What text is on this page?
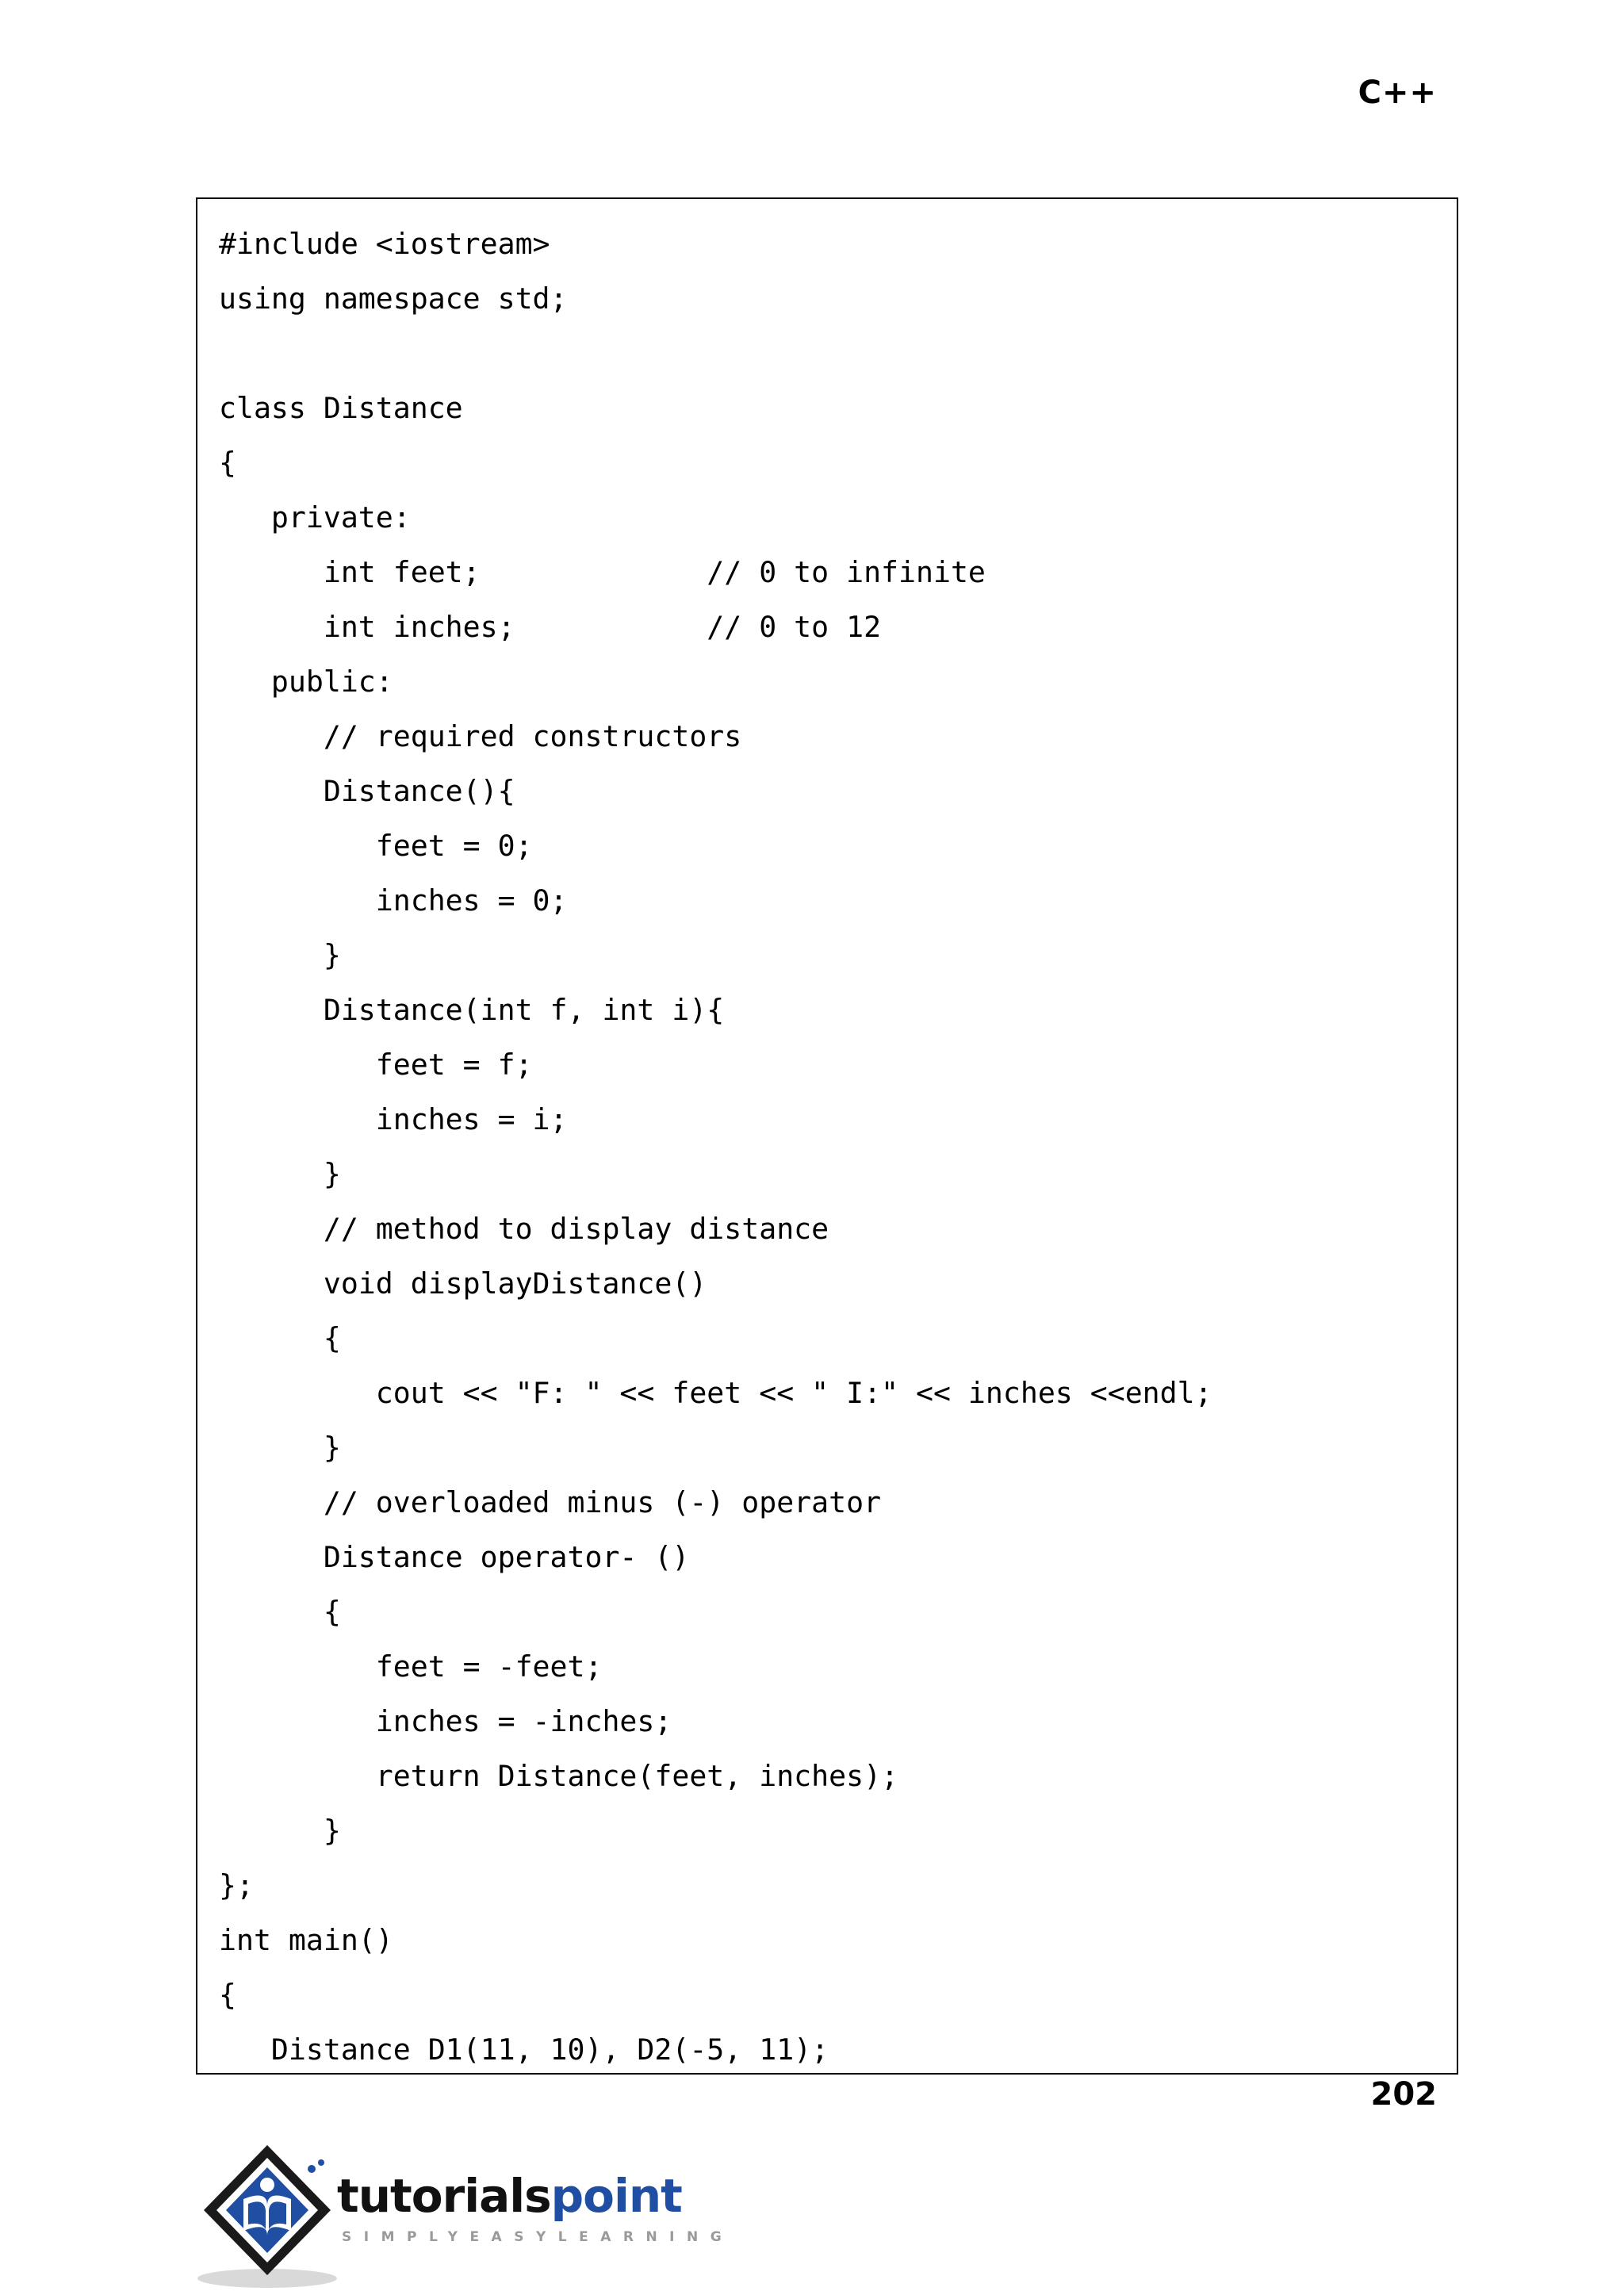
C++
#include <iostream>
using namespace std;
class Distance
{
private:
int feet;             // 0 to infinite
int inches;           // 0 to 12
public:
// required constructors
Distance(){
feet = 0;
inches = 0;
}
Distance(int f, int i){
feet = f;
inches = i;
}
// method to display distance
void displayDistance()
{
cout << "F: " << feet << " I:" << inches <<endl;
}
// overloaded minus (-) operator
Distance operator- ()
{
feet = -feet;
inches = -inches;
return Distance(feet, inches);
}
};
int main()
{
Distance D1(11, 10), D2(-5, 11);
202
tutorialspoint
SIMPLYEASYLEARNING
